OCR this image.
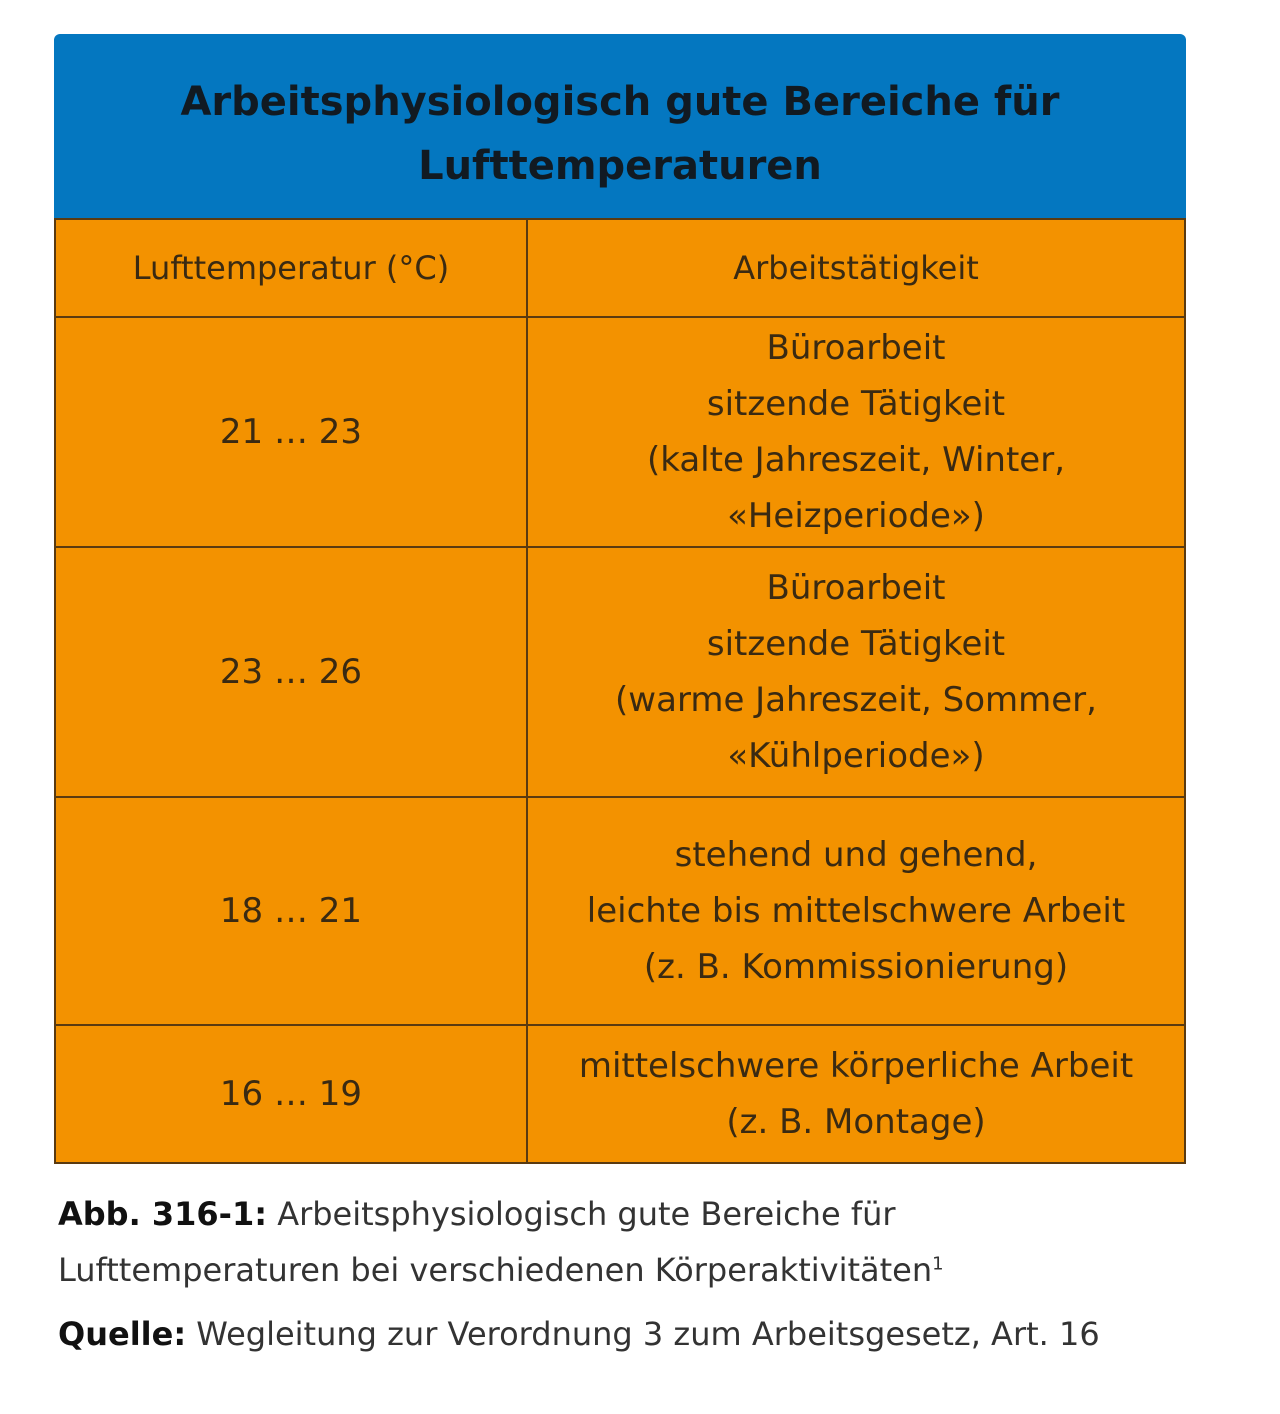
Arbeitsphysiologisch gute Bereiche für
Lufttemperaturen
Lufttemperatur (°C)	Arbeitstätigkeit
21 … 23
Büroarbeit
sitzende Tätigkeit
(kalte Jahreszeit, Winter,
«Heizperiode»)
23 … 26
Büroarbeit
sitzende Tätigkeit
(warme Jahreszeit, Sommer,
«Kühlperiode»)
18 … 21
stehend und gehend,
leichte bis mittelschwere Arbeit
(z. B. Kommissionierung)
16 … 19
mittelschwere körperliche Arbeit
(z. B. Montage)
Abb. 316-1: Arbeitsphysiologisch gute Bereiche für
Lufttemperaturen bei verschiedenen Körperaktivitäten$^1$
Quelle: Wegleitung zur Verordnung 3 zum Arbeitsgesetz, Art. 16
